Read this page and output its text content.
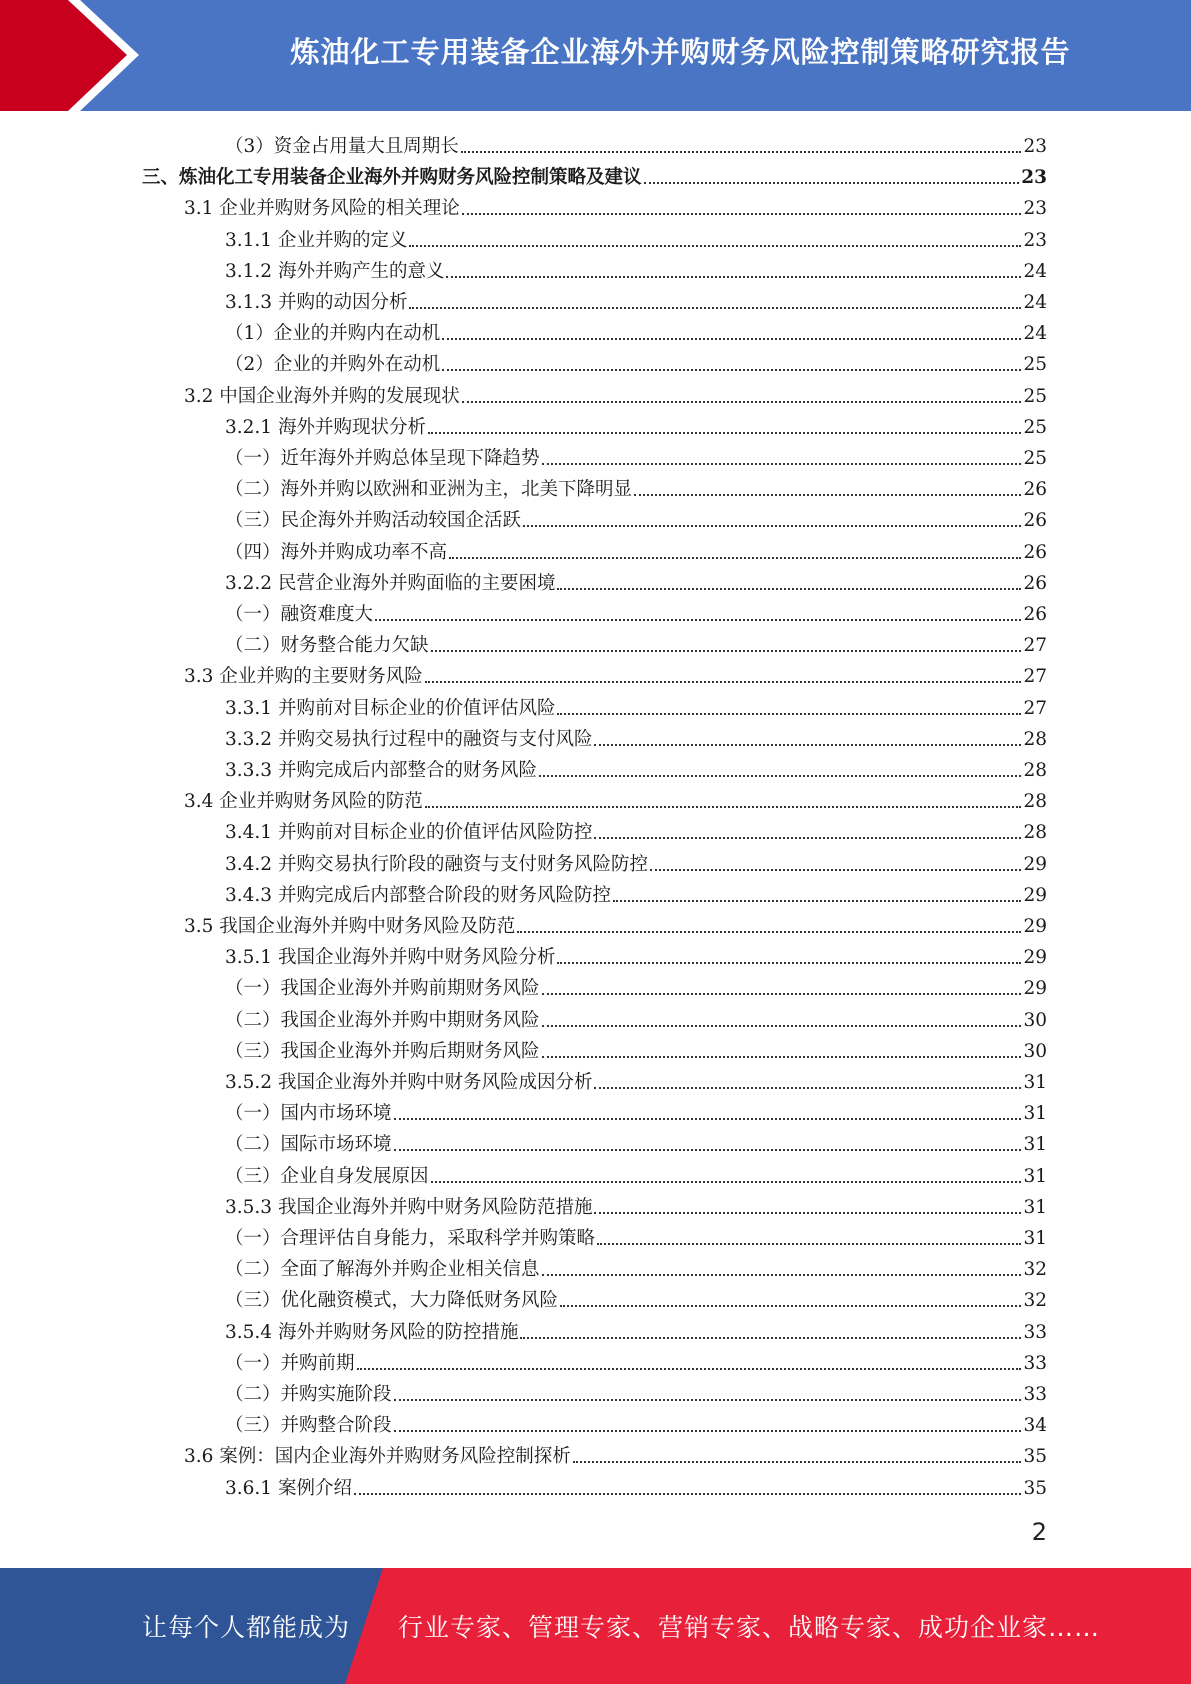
炼油化工专用装备企业海外并购财务风险控制策略研究报告
（3）资金占用量大且周期长	23
三、炼油化工专用装备企业海外并购财务风险控制策略及建议	23
3.1 企业并购财务风险的相关理论	23
3.1.1 企业并购的定义	23
3.1.2 海外并购产生的意义	24
3.1.3 并购的动因分析	24
（1）企业的并购内在动机	24
（2）企业的并购外在动机	25
3.2 中国企业海外并购的发展现状	25
3.2.1 海外并购现状分析	25
（一）近年海外并购总体呈现下降趋势	25
（二）海外并购以欧洲和亚洲为主，北美下降明显	26
（三）民企海外并购活动较国企活跃	26
（四）海外并购成功率不高	26
3.2.2 民营企业海外并购面临的主要困境	26
（一）融资难度大	26
（二）财务整合能力欠缺	27
3.3 企业并购的主要财务风险	27
3.3.1 并购前对目标企业的价值评估风险	27
3.3.2 并购交易执行过程中的融资与支付风险	28
3.3.3 并购完成后内部整合的财务风险	28
3.4 企业并购财务风险的防范	28
3.4.1 并购前对目标企业的价值评估风险防控	28
3.4.2 并购交易执行阶段的融资与支付财务风险防控	29
3.4.3 并购完成后内部整合阶段的财务风险防控	29
3.5 我国企业海外并购中财务风险及防范	29
3.5.1 我国企业海外并购中财务风险分析	29
（一）我国企业海外并购前期财务风险	29
（二）我国企业海外并购中期财务风险	30
（三）我国企业海外并购后期财务风险	30
3.5.2 我国企业海外并购中财务风险成因分析	31
（一）国内市场环境	31
（二）国际市场环境	31
（三）企业自身发展原因	31
3.5.3 我国企业海外并购中财务风险防范措施	31
（一）合理评估自身能力，采取科学并购策略	31
（二）全面了解海外并购企业相关信息	32
（三）优化融资模式，大力降低财务风险	32
3.5.4 海外并购财务风险的防控措施	33
（一）并购前期	33
（二）并购实施阶段	33
（三）并购整合阶段	34
3.6 案例：国内企业海外并购财务风险控制探析	35
3.6.1 案例介绍	35
2
让每个人都能成为 行业专家、管理专家、营销专家、战略专家、成功企业家……
